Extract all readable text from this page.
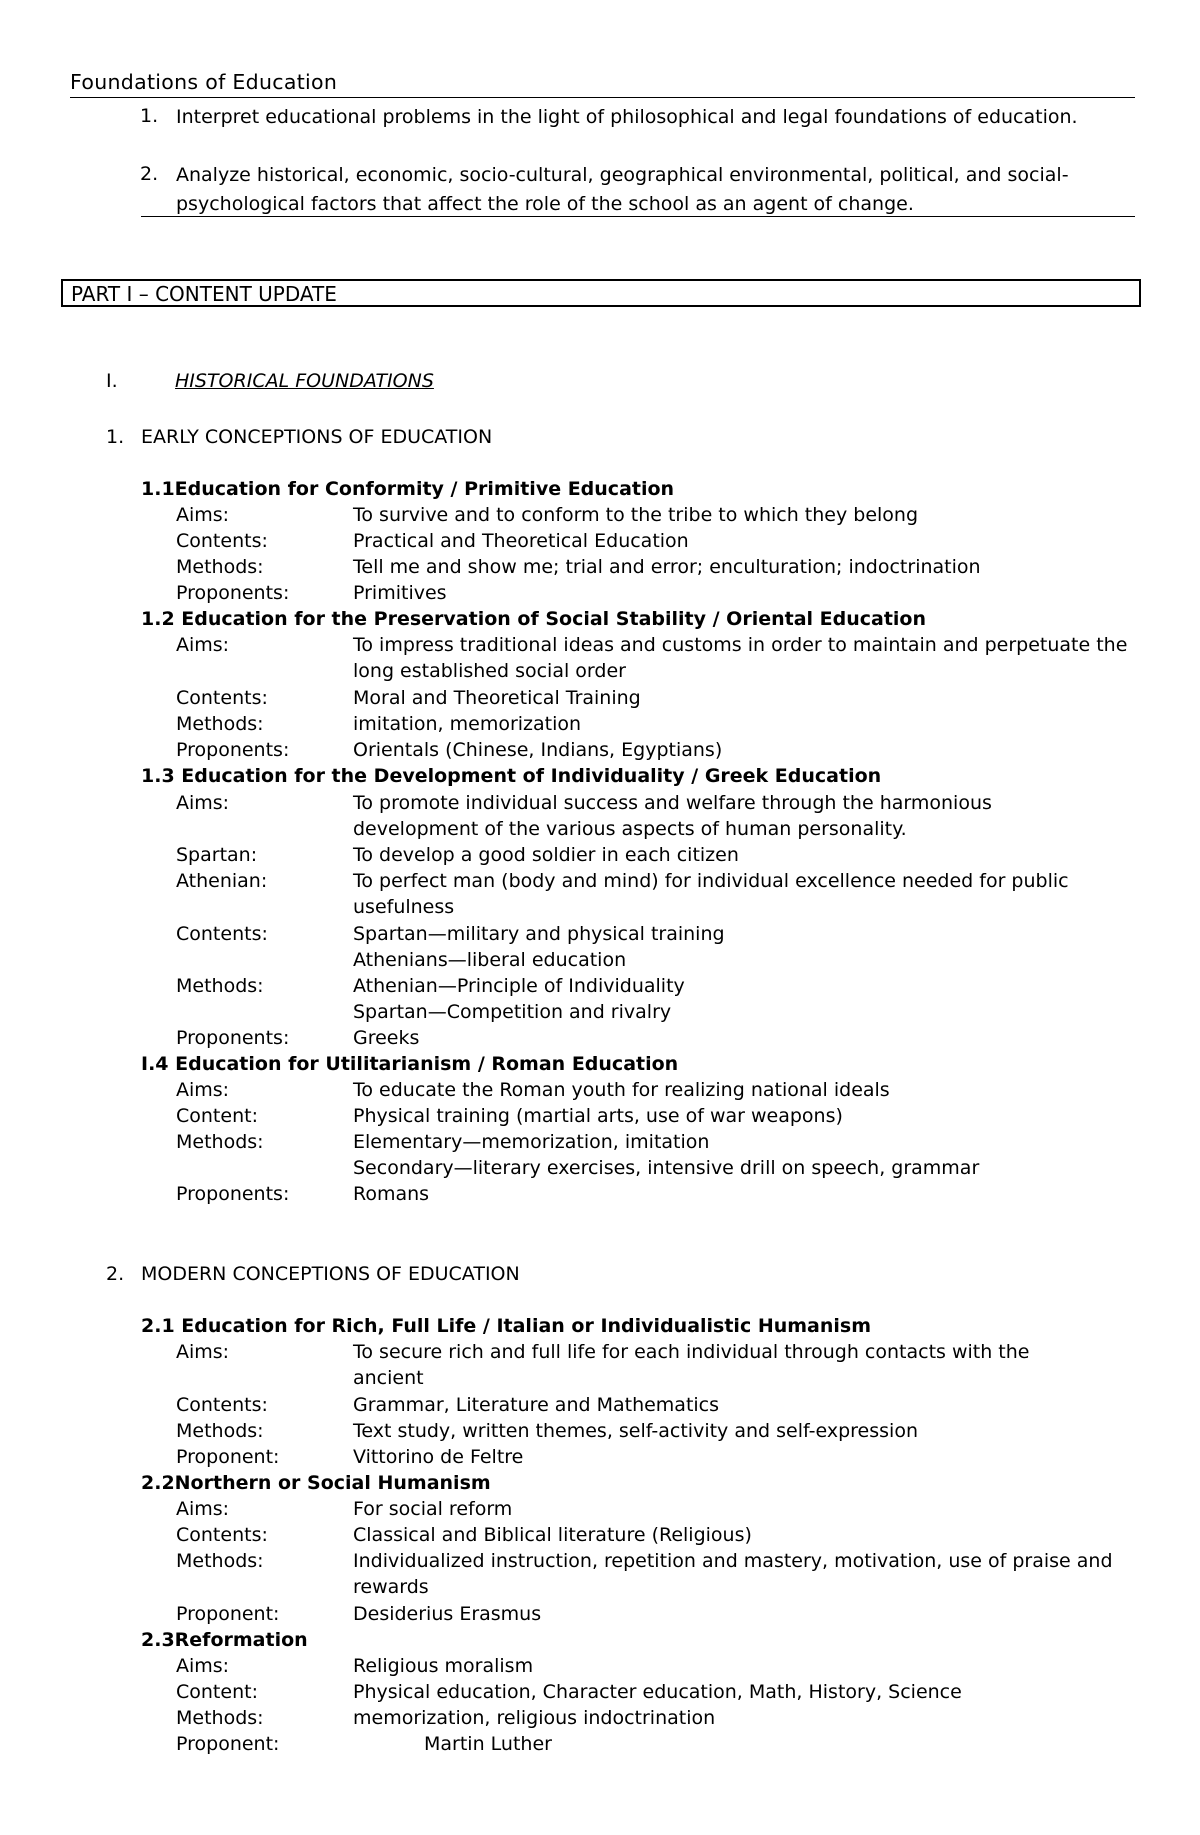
Foundations of Education
1. Interpret educational problems in the light of philosophical and legal foundations of education.
2. Analyze historical, economic, socio-cultural, geographical environmental, political, and social-psychological factors that affect the role of the school as an agent of change.
PART I – CONTENT UPDATE
I.	HISTORICAL FOUNDATIONS
1. EARLY CONCEPTIONS OF EDUCATION
1.1Education for Conformity / Primitive Education
Aims:	To survive and to conform to the tribe to which they belong
Contents:	Practical and Theoretical Education
Methods:	Tell me and show me; trial and error; enculturation; indoctrination
Proponents:	Primitives
1.2 Education for the Preservation of Social Stability / Oriental Education
Aims:	To impress traditional ideas and customs in order to maintain and perpetuate the long established social order
Contents:	Moral and Theoretical Training
Methods:	imitation, memorization
Proponents:	Orientals (Chinese, Indians, Egyptians)
1.3 Education for the Development of Individuality / Greek Education
Aims:	To promote individual success and welfare through the harmonious development of the various aspects of human personality.
Spartan:	To develop a good soldier in each citizen
Athenian:	To perfect man (body and mind) for individual excellence needed for public usefulness
Contents:	Spartan—military and physical training
Athenians—liberal education
Methods:	Athenian—Principle of Individuality
Spartan—Competition and rivalry
Proponents:	Greeks
I.4 Education for Utilitarianism / Roman Education
Aims:	To educate the Roman youth for realizing national ideals
Content:	Physical training (martial arts, use of war weapons)
Methods:	Elementary—memorization, imitation
Secondary—literary exercises, intensive drill on speech, grammar
Proponents:	Romans
2. MODERN CONCEPTIONS OF EDUCATION
2.1 Education for Rich, Full Life / Italian or Individualistic Humanism
Aims:	To secure rich and full life for each individual through contacts with the ancient
Contents:	Grammar, Literature and Mathematics
Methods:	Text study, written themes, self-activity and self-expression
Proponent:	Vittorino de Feltre
2.2Northern or Social Humanism
Aims:	For social reform
Contents:	Classical and Biblical literature (Religious)
Methods:	Individualized instruction, repetition and mastery, motivation, use of praise and rewards
Proponent:	Desiderius Erasmus
2.3Reformation
Aims:	Religious moralism
Content:	Physical education, Character education, Math, History, Science
Methods:	memorization, religious indoctrination
Proponent:	Martin Luther
